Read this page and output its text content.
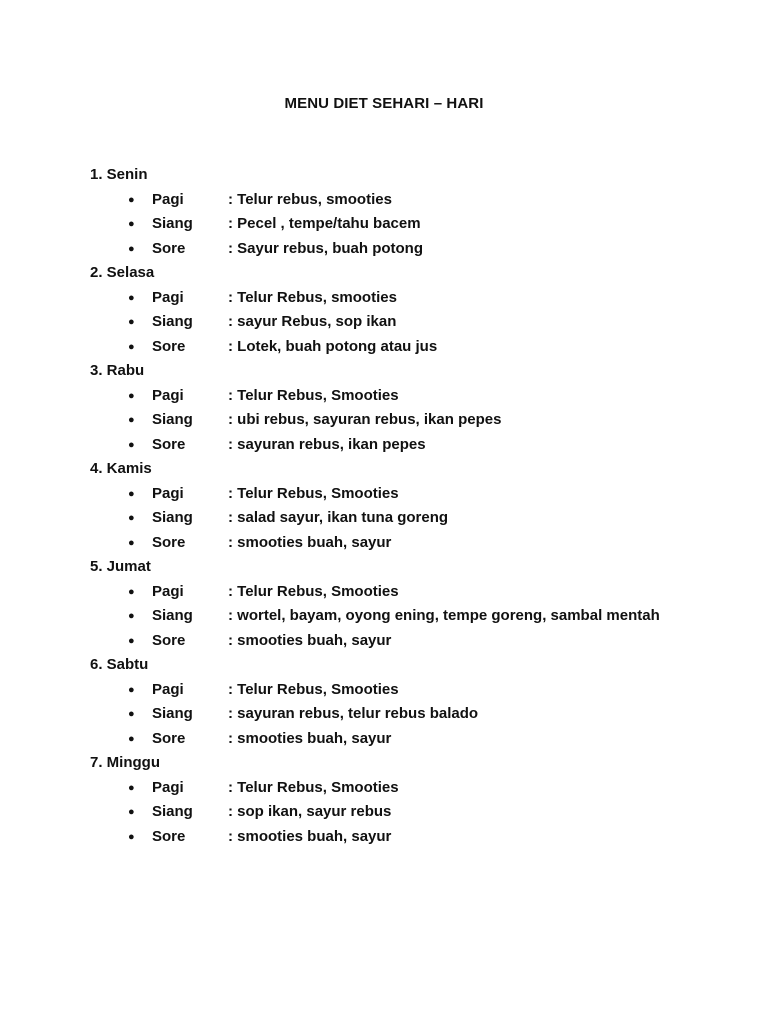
MENU DIET SEHARI – HARI
1. Senin
● Pagi	: Telur rebus, smooties
● Siang : Pecel , tempe/tahu bacem
● Sore	: Sayur rebus, buah potong
2. Selasa
● Pagi	: Telur Rebus, smooties
● Siang : sayur Rebus, sop ikan
● Sore	: Lotek, buah potong atau jus
3. Rabu
● Pagi	: Telur Rebus, Smooties
● Siang : ubi rebus, sayuran rebus, ikan pepes
● Sore	: sayuran rebus, ikan pepes
4. Kamis
● Pagi	: Telur Rebus, Smooties
● Siang : salad sayur, ikan tuna goreng
● Sore	: smooties buah, sayur
5. Jumat
● Pagi	: Telur Rebus, Smooties
● Siang : wortel, bayam, oyong ening, tempe goreng, sambal mentah
● Sore	: smooties buah, sayur
6. Sabtu
● Pagi	: Telur Rebus, Smooties
● Siang : sayuran rebus, telur rebus balado
● Sore	: smooties buah, sayur
7. Minggu
● Pagi	: Telur Rebus, Smooties
● Siang : sop ikan, sayur rebus
● Sore	: smooties buah, sayur
